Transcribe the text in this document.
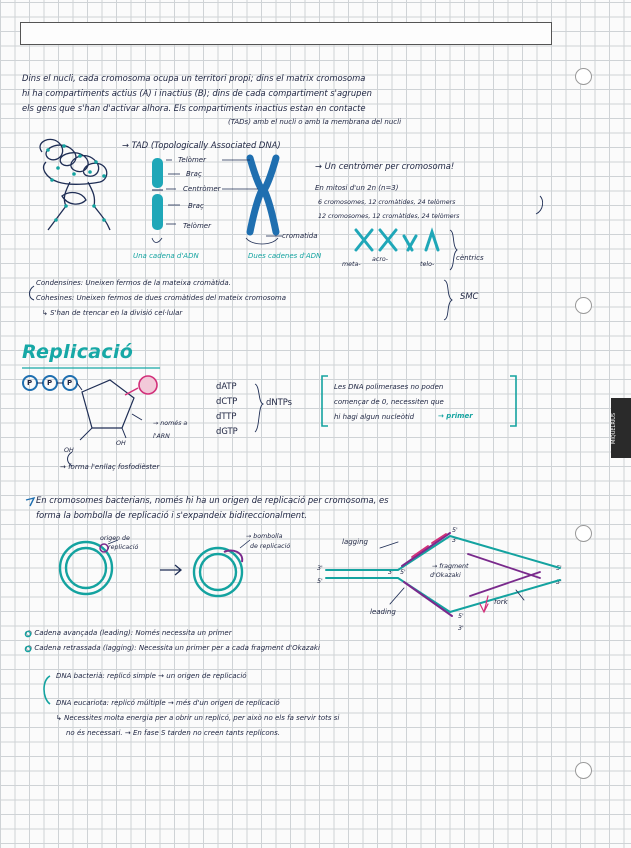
MIQUELRIUS
Dins el nucli, cada cromosoma ocupa un territori propi; dins el matrix cromosoma
hi ha compartiments actius (A) i inactius (B); dins de cada compartiment s'agrupen
els gens que s'han d'activar alhora. Els compartiments inactius estan en contacte
(TADs) amb el nucli o amb la membrana del nucli
→ TAD (Topologically Associated DNA)
Telòmer
Braç
Centròmer
Braç
Telòmer
cromatida
Una cadena d'ADN	Dues cadenes d'ADN
→ Un centròmer per cromosoma!
En mitosi d'un 2n (n=3)
6 cromosomes, 12 cromàtides, 24 telòmers
12 cromosomes, 12 cromàtides, 24 telòmers
meta-
acro-
telo-
cèntrics
Condensines: Uneixen fermos de la mateixa cromàtida.
Cohesines: Uneixen fermos de dues cromàtides del mateix cromosoma
↳ S'han de trencar en la divisió cel·lular
SMC
Replicació
P P P
OH
OH
→ només a l'ARN
→ forma l'enllaç fosfodièster
dATP
dCTP
dTTP
dGTP
dNTPs
Les DNA polimerases no poden
començar de 0, necessiten que
hi hagi algun nucleòtid	→ primer
En cromosomes bacterians, només hi ha un origen de replicació per cromosoma, es
forma la bombolla de replicació i s'expandeix bidireccionalment.
origen de
replicació
→ bombolla
de replicació
lagging
leading
→ fragment
d'Okazaki
fork
5'
3'
3'
5'
3' 5'
5'
3'
5'
3'
○ Cadena avançada (leading): Només necessita un primer
○ Cadena retrassada (lagging): Necessita un primer per a cada fragment d'Okazaki
DNA bacterià: replicó simple → un origen de replicació
DNA eucariota: replicó múltiple → més d'un origen de replicació
↳ Necessites molta energia per a obrir un replicó, per això no els fa servir tots si
no és necessari. → En fase S tarden no creen tants replicons.
